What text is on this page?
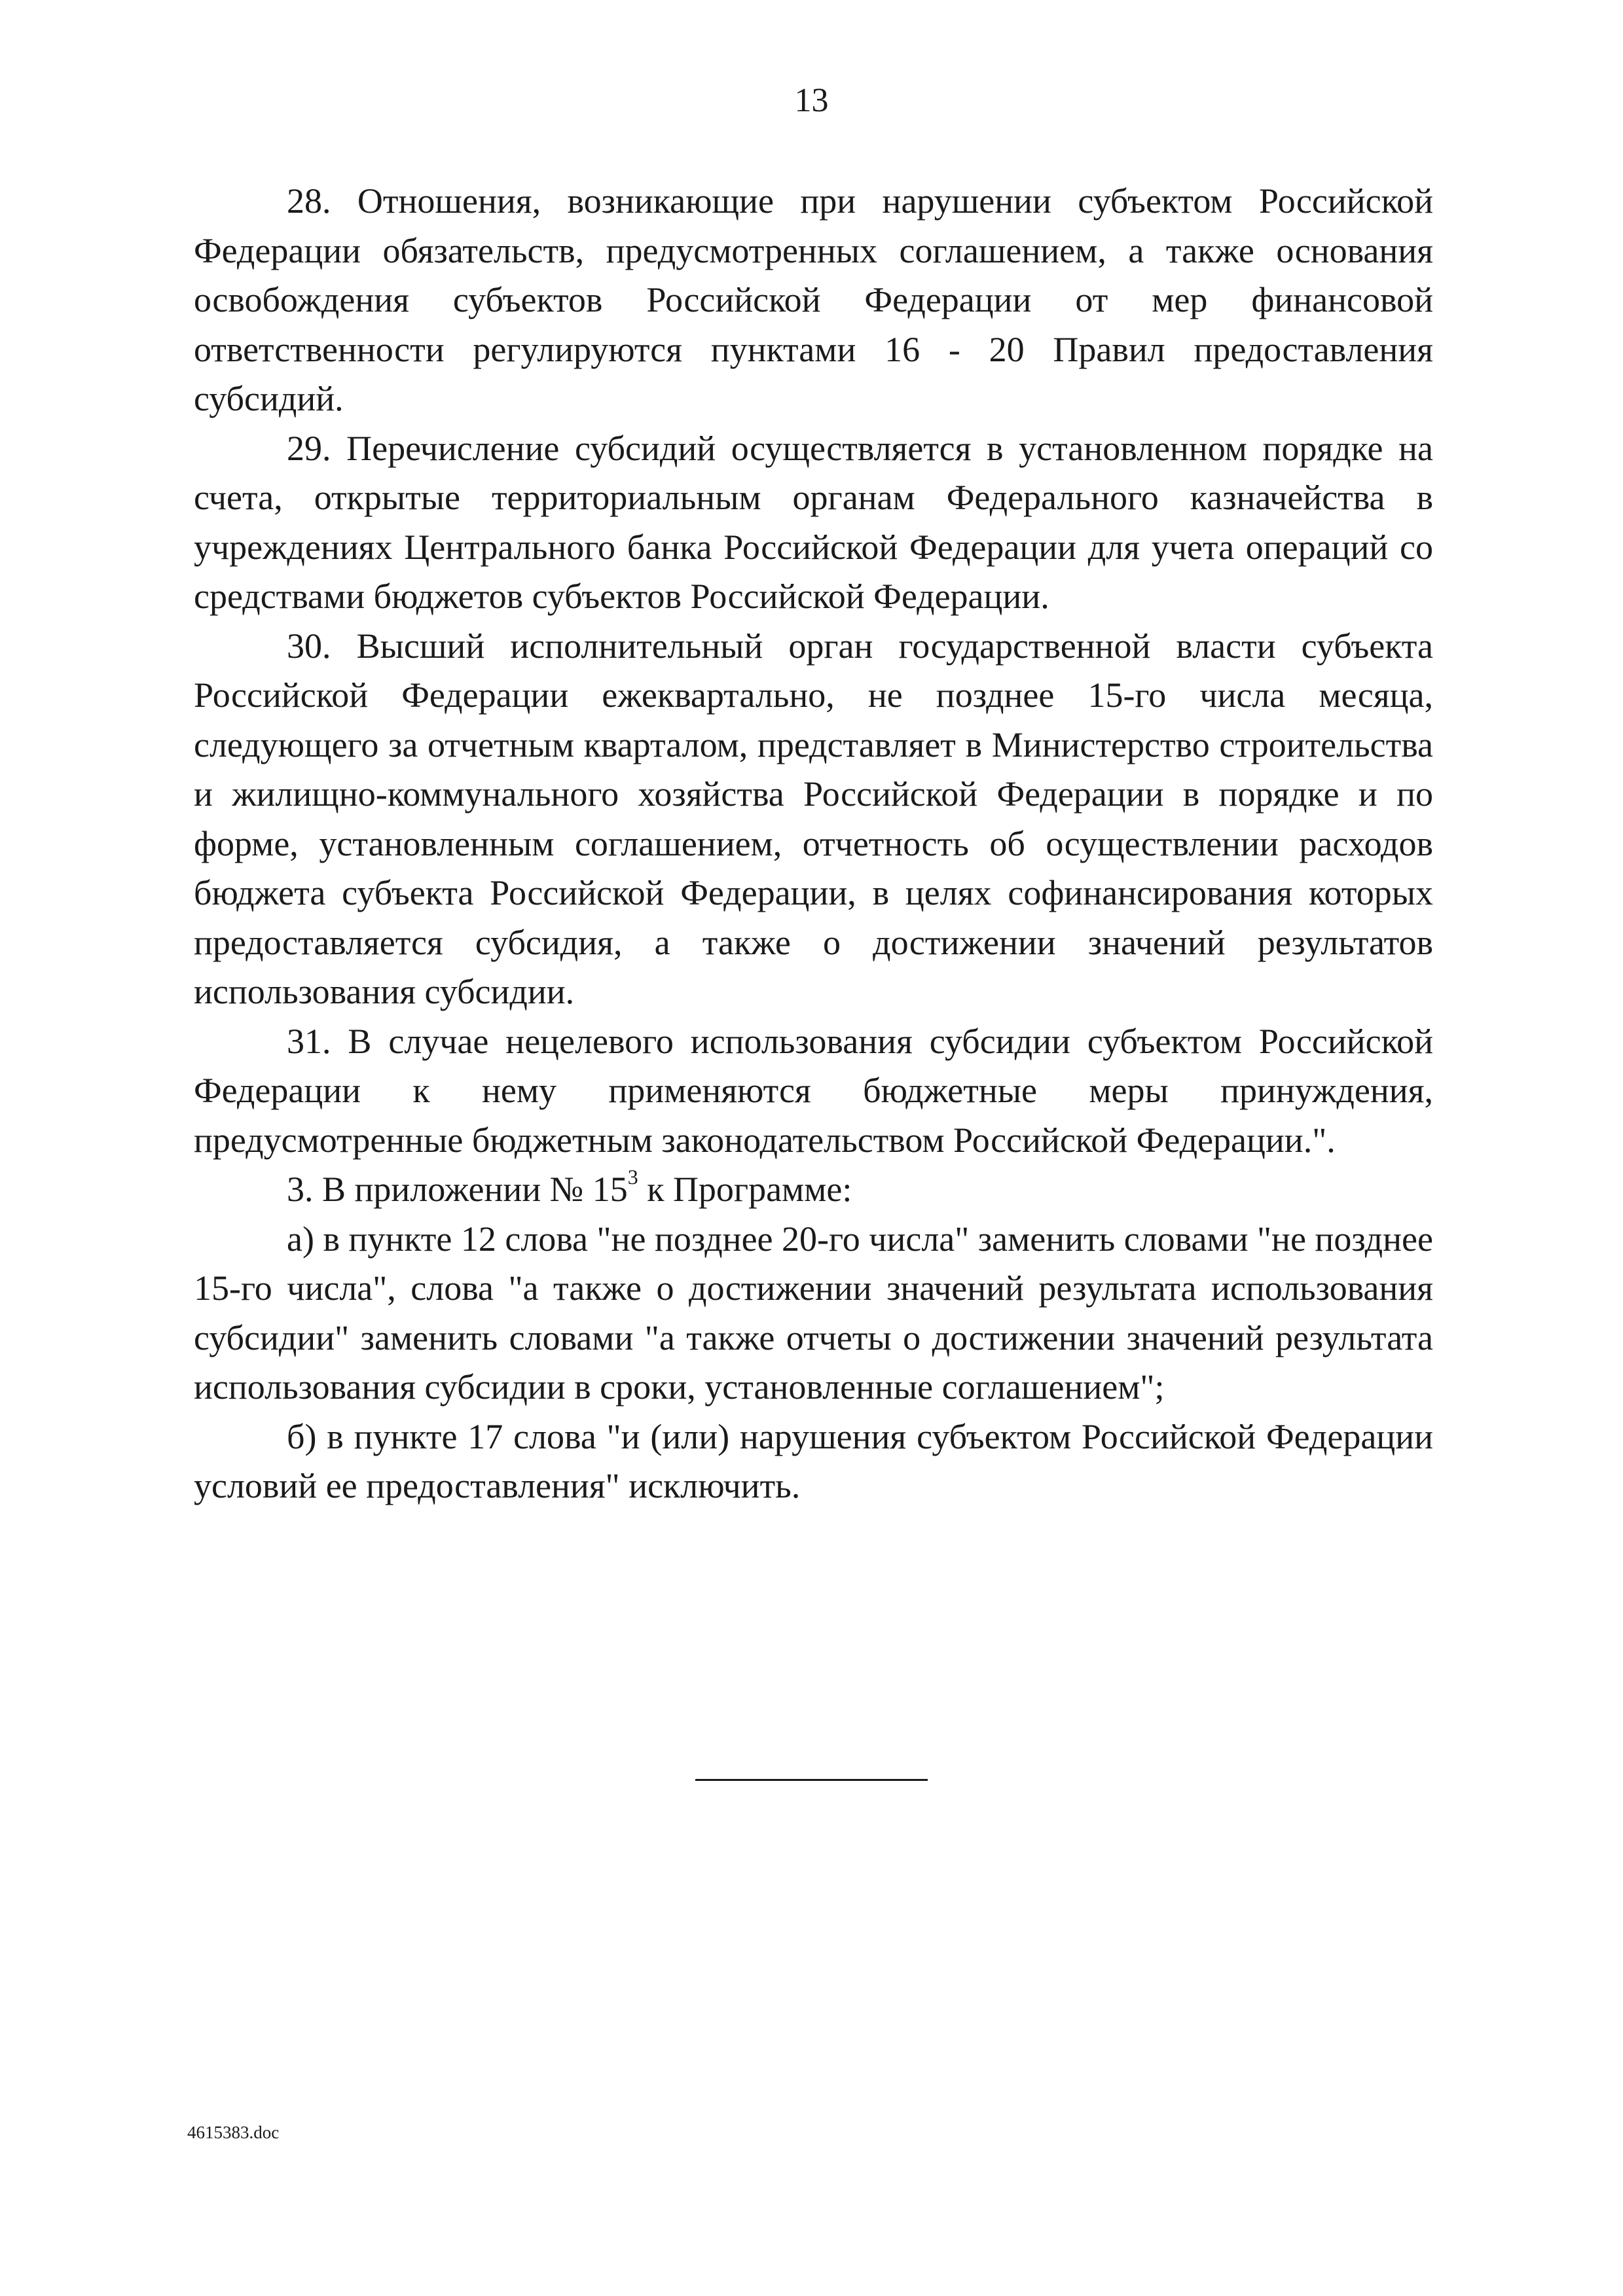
13

28. Отношения, возникающие при нарушении субъектом Российской Федерации обязательств, предусмотренных соглашением, а также основания освобождения субъектов Российской Федерации от мер финансовой ответственности регулируются пунктами 16 - 20 Правил предоставления субсидий.

29. Перечисление субсидий осуществляется в установленном порядке на счета, открытые территориальным органам Федерального казначейства в учреждениях Центрального банка Российской Федерации для учета операций со средствами бюджетов субъектов Российской Федерации.

30. Высший исполнительный орган государственной власти субъекта Российской Федерации ежеквартально, не позднее 15-го числа месяца, следующего за отчетным кварталом, представляет в Министерство строительства и жилищно-коммунального хозяйства Российской Федерации в порядке и по форме, установленным соглашением, отчетность об осуществлении расходов бюджета субъекта Российской Федерации, в целях софинансирования которых предоставляется субсидия, а также о достижении значений результатов использования субсидии.

31. В случае нецелевого использования субсидии субъектом Российской Федерации к нему применяются бюджетные меры принуждения, предусмотренные бюджетным законодательством Российской Федерации.".

3. В приложении № $15^3$ к Программе:

а) в пункте 12 слова "не позднее 20-го числа" заменить словами "не позднее 15-го числа", слова "а также о достижении значений результата использования субсидии" заменить словами "а также отчеты о достижении значений результата использования субсидии в сроки, установленные соглашением";

б) в пункте 17 слова "и (или) нарушения субъектом Российской Федерации условий ее предоставления" исключить.

4615383.doc
